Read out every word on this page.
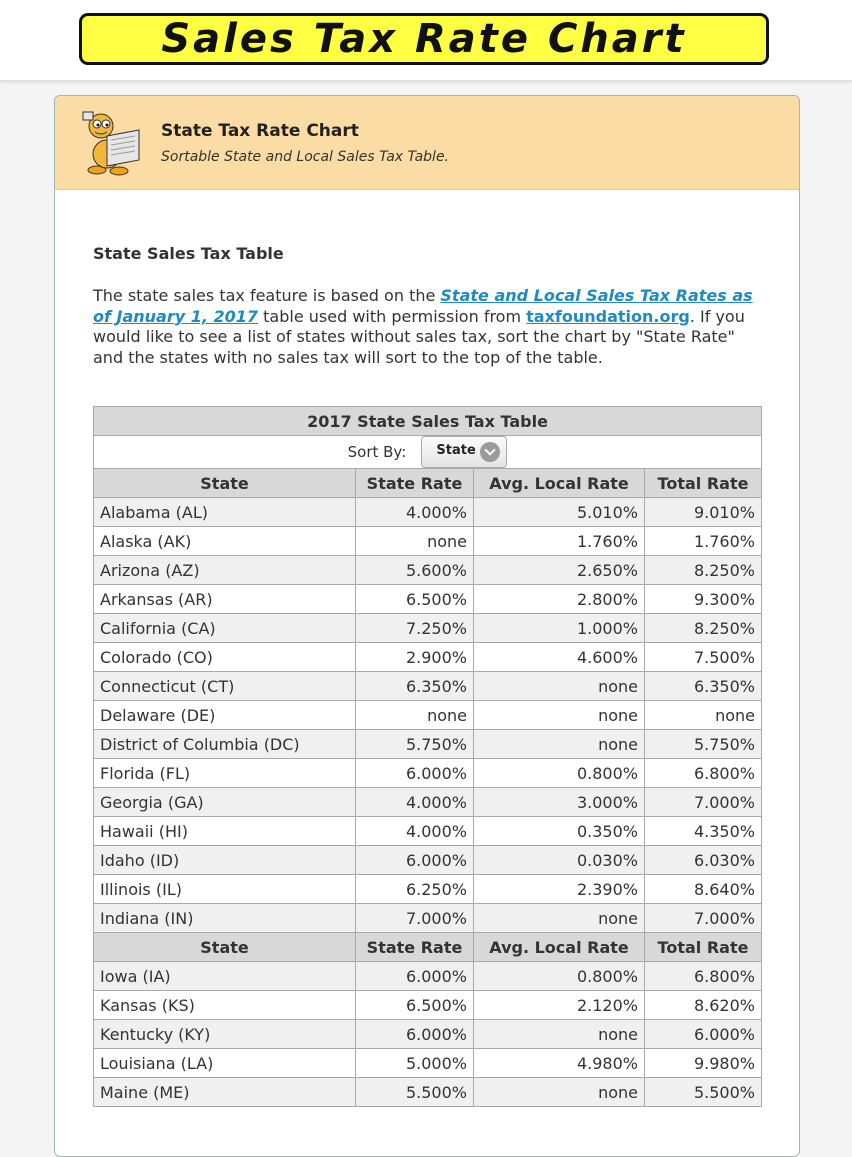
Sales Tax Rate Chart
State Tax Rate Chart
Sortable State and Local Sales Tax Table.
State Sales Tax Table
The state sales tax feature is based on the State and Local Sales Tax Rates as of January 1, 2017 table used with permission from taxfoundation.org. If you would like to see a list of states without sales tax, sort the chart by "State Rate" and the states with no sales tax will sort to the top of the table.
2017 State Sales Tax Table			
Sort By: State			

State	State Rate	Avg. Local Rate	Total Rate
Alabama (AL)	4.000%	5.010%	9.010%
Alaska (AK)	none	1.760%	1.760%
Arizona (AZ)	5.600%	2.650%	8.250%
Arkansas (AR)	6.500%	2.800%	9.300%
California (CA)	7.250%	1.000%	8.250%
Colorado (CO)	2.900%	4.600%	7.500%
Connecticut (CT)	6.350%	none	6.350%
Delaware (DE)	none	none	none
District of Columbia (DC)	5.750%	none	5.750%
Florida (FL)	6.000%	0.800%	6.800%
Georgia (GA)	4.000%	3.000%	7.000%
Hawaii (HI)	4.000%	0.350%	4.350%
Idaho (ID)	6.000%	0.030%	6.030%
Illinois (IL)	6.250%	2.390%	8.640%
Indiana (IN)	7.000%	none	7.000%
State	State Rate	Avg. Local Rate	Total Rate
Iowa (IA)	6.000%	0.800%	6.800%
Kansas (KS)	6.500%	2.120%	8.620%
Kentucky (KY)	6.000%	none	6.000%
Louisiana (LA)	5.000%	4.980%	9.980%
Maine (ME)	5.500%	none	5.500%
